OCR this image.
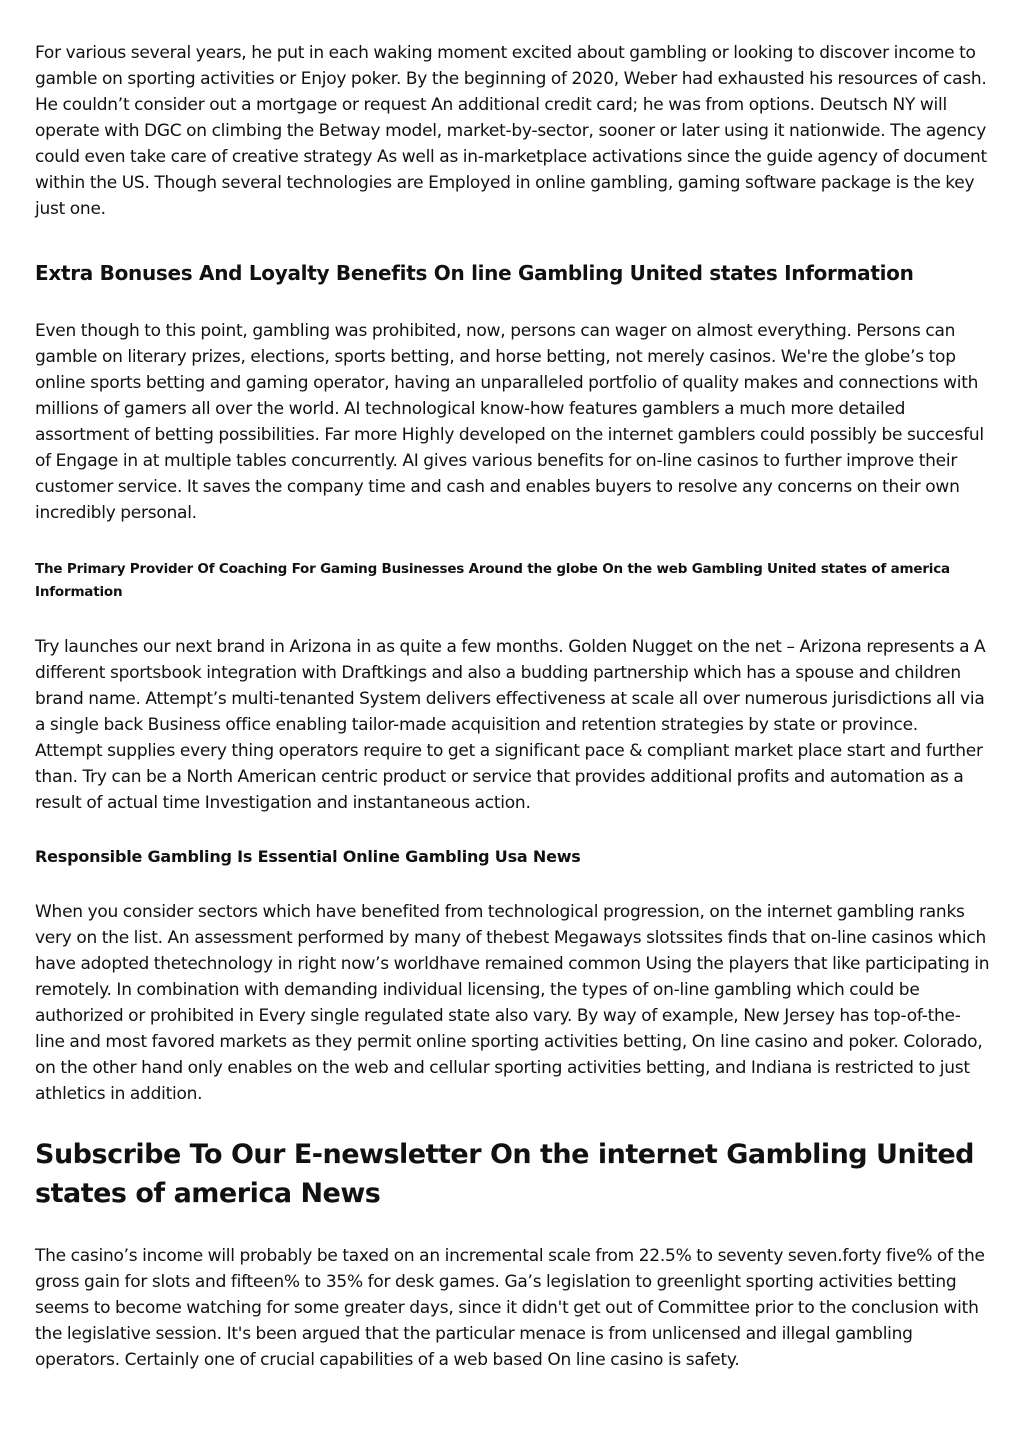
For various several years, he put in each waking moment excited about gambling or looking to discover income to gamble on sporting activities or Enjoy poker. By the beginning of 2020, Weber had exhausted his resources of cash. He couldn’t consider out a mortgage or request An additional credit card; he was from options. Deutsch NY will operate with DGC on climbing the Betway model, market-by-sector, sooner or later using it nationwide. The agency could even take care of creative strategy As well as in-marketplace activations since the guide agency of document within the US. Though several technologies are Employed in online gambling, gaming software package is the key just one.

Extra Bonuses And Loyalty Benefits On line Gambling United states Information

Even though to this point, gambling was prohibited, now, persons can wager on almost everything. Persons can gamble on literary prizes, elections, sports betting, and horse betting, not merely casinos. We're the globe’s top online sports betting and gaming operator, having an unparalleled portfolio of quality makes and connections with millions of gamers all over the world. AI technological know-how features gamblers a much more detailed assortment of betting possibilities. Far more Highly developed on the internet gamblers could possibly be succesful of Engage in at multiple tables concurrently. AI gives various benefits for on-line casinos to further improve their customer service. It saves the company time and cash and enables buyers to resolve any concerns on their own incredibly personal.

The Primary Provider Of Coaching For Gaming Businesses Around the globe On the web Gambling United states of america Information

Try launches our next brand in Arizona in as quite a few months. Golden Nugget on the net – Arizona represents a A different sportsbook integration with Draftkings and also a budding partnership which has a spouse and children brand name. Attempt’s multi-tenanted System delivers effectiveness at scale all over numerous jurisdictions all via a single back Business office enabling tailor-made acquisition and retention strategies by state or province. Attempt supplies every thing operators require to get a significant pace & compliant market place start and further than. Try can be a North American centric product or service that provides additional profits and automation as a result of actual time Investigation and instantaneous action.

Responsible Gambling Is Essential Online Gambling Usa News

When you consider sectors which have benefited from technological progression, on the internet gambling ranks very on the list. An assessment performed by many of thebest Megaways slotssites finds that on-line casinos which have adopted thetechnology in right now’s worldhave remained common Using the players that like participating in remotely. In combination with demanding individual licensing, the types of on-line gambling which could be authorized or prohibited in Every single regulated state also vary. By way of example, New Jersey has top-of-the-line and most favored markets as they permit online sporting activities betting, On line casino and poker. Colorado, on the other hand only enables on the web and cellular sporting activities betting, and Indiana is restricted to just athletics in addition.

Subscribe To Our E-newsletter On the internet Gambling United states of america News

The casino’s income will probably be taxed on an incremental scale from 22.5% to seventy seven.forty five% of the gross gain for slots and fifteen% to 35% for desk games. Ga’s legislation to greenlight sporting activities betting seems to become watching for some greater days, since it didn't get out of Committee prior to the conclusion with the legislative session. It's been argued that the particular menace is from unlicensed and illegal gambling operators. Certainly one of crucial capabilities of a web based On line casino is safety.
